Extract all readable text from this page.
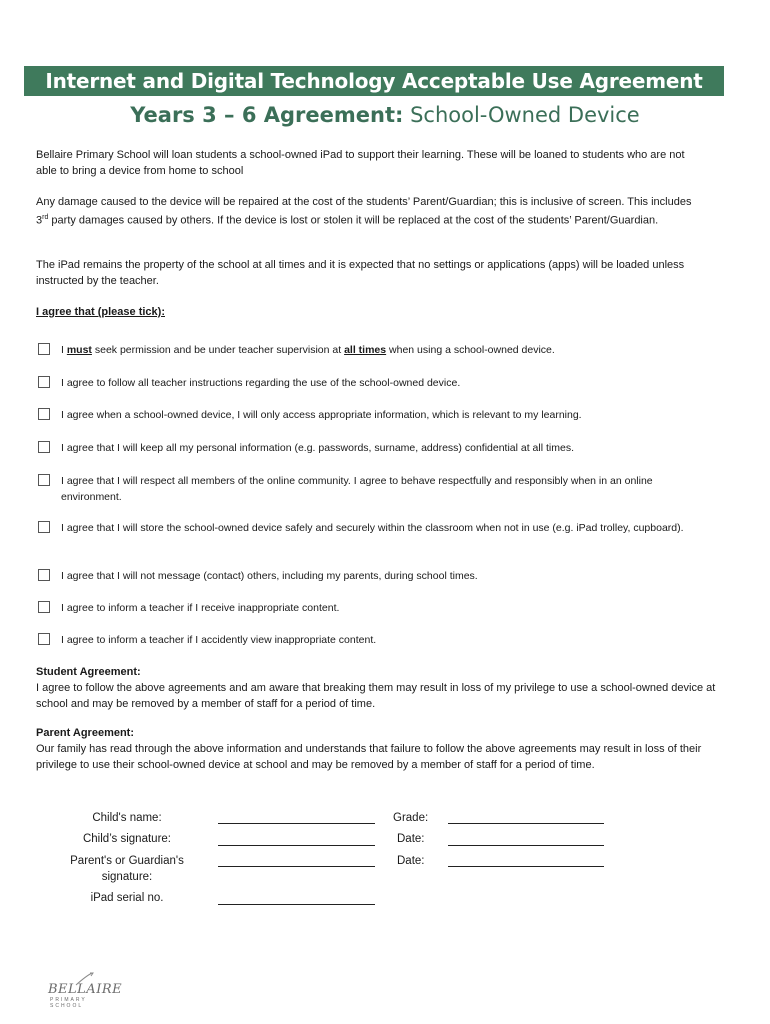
Internet and Digital Technology Acceptable Use Agreement
Years 3 – 6 Agreement: School-Owned Device

Bellaire Primary School will loan students a school-owned iPad to support their learning. These will be loaned to students who are not able to bring a device from home to school

Any damage caused to the device will be repaired at the cost of the students’ Parent/Guardian; this is inclusive of screen. This includes 3rd party damages caused by others. If the device is lost or stolen it will be replaced at the cost of the students’ Parent/Guardian.

The iPad remains the property of the school at all times and it is expected that no settings or applications (apps) will be loaded unless instructed by the teacher.

I agree that (please tick):

I must seek permission and be under teacher supervision at all times when using a school-owned device.
I agree to follow all teacher instructions regarding the use of the school-owned device.
I agree when a school-owned device, I will only access appropriate information, which is relevant to my learning.
I agree that I will keep all my personal information (e.g. passwords, surname, address) confidential at all times.
I agree that I will respect all members of the online community. I agree to behave respectfully and responsibly when in an online environment.
I agree that I will store the school-owned device safely and securely within the classroom when not in use (e.g. iPad trolley, cupboard).
I agree that I will not message (contact) others, including my parents, during school times.
I agree to inform a teacher if I receive inappropriate content.
I agree to inform a teacher if I accidently view inappropriate content.

Student Agreement:

I agree to follow the above agreements and am aware that breaking them may result in loss of my privilege to use a school-owned device at school and may be removed by a member of staff for a period of time.

Parent Agreement:

Our family has read through the above information and understands that failure to follow the above agreements may result in loss of their privilege to use their school-owned device at school and may be removed by a member of staff for a period of time.

Child's name:	Grade:
Child’s signature:	Date:
Parent's or Guardian's signature:
Date:
iPad serial no.
BELLAIRE
PRIMARY SCHOOL
